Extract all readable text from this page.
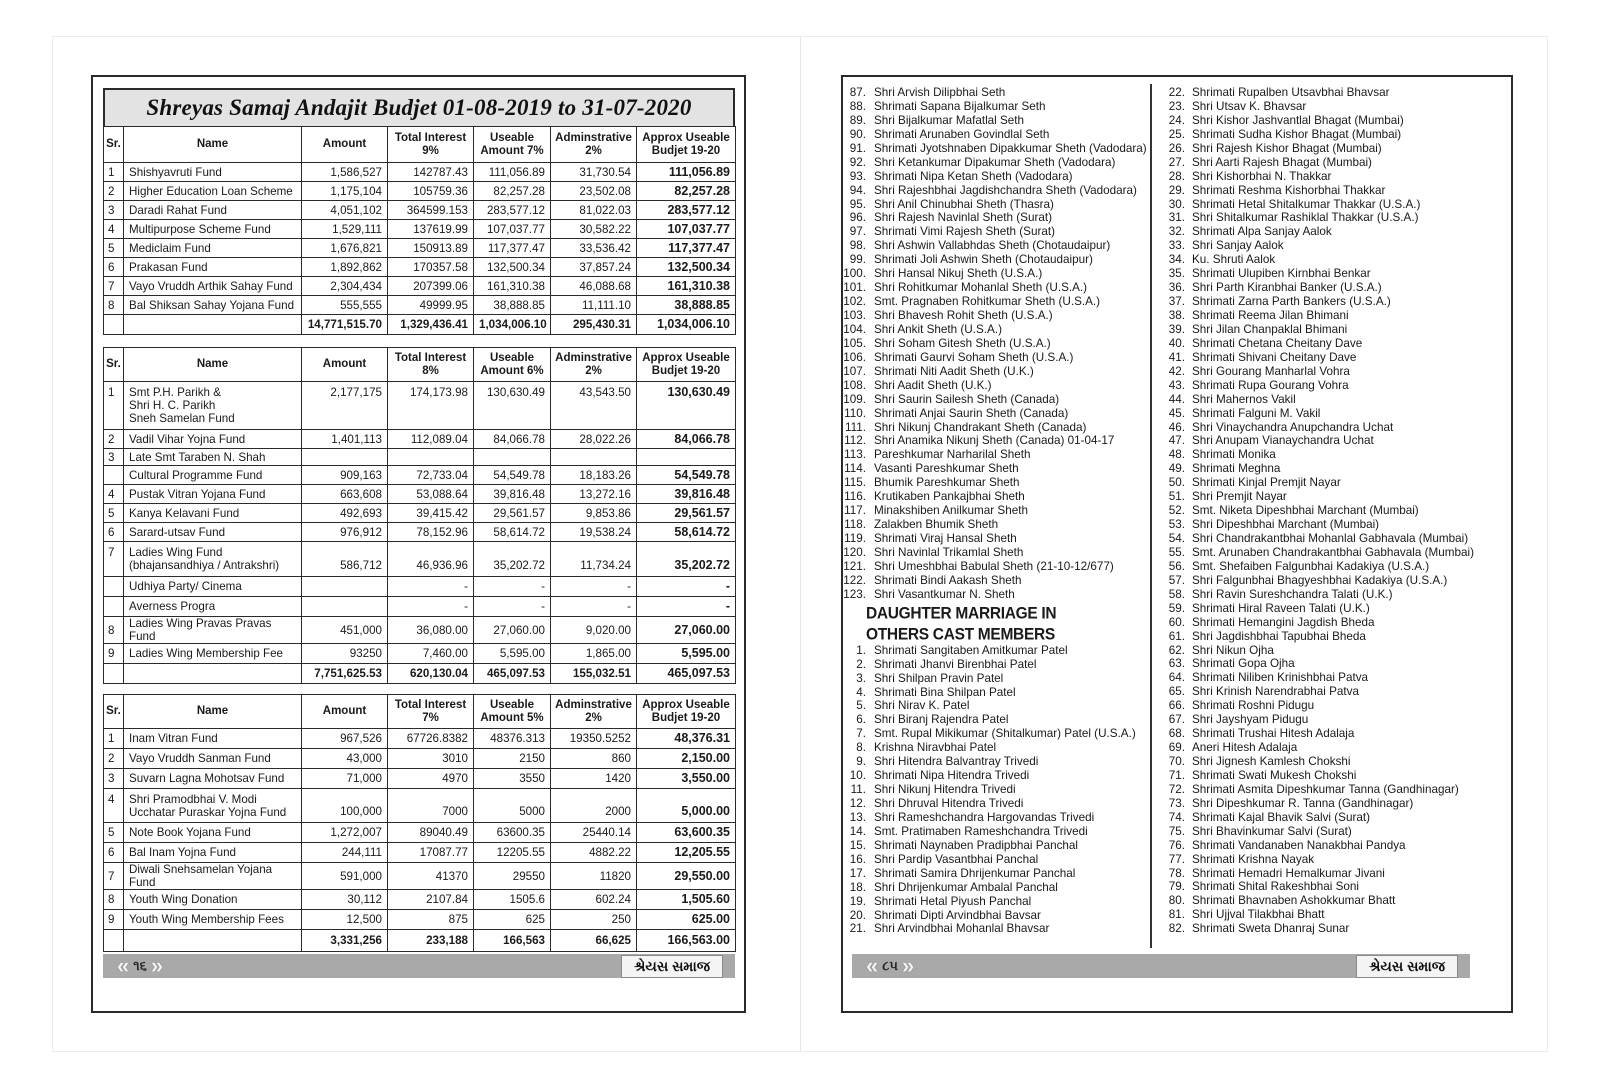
Shreyas Samaj Andajit Budjet 01-08-2019 to 31-07-2020
Sr.	Name	Amount	Total Interest 9%	Useable Amount 7%	Adminstrative 2%	Approx Useable Budjet 19-20
1	Shishyavruti Fund	1,586,527	142787.43	111,056.89	31,730.54	111,056.89
2	Higher Education Loan Scheme	1,175,104	105759.36	82,257.28	23,502.08	82,257.28
3	Daradi Rahat Fund	4,051,102	364599.153	283,577.12	81,022.03	283,577.12
4	Multipurpose Scheme Fund	1,529,111	137619.99	107,037.77	30,582.22	107,037.77
5	Mediclaim Fund	1,676,821	150913.89	117,377.47	33,536.42	117,377.47
6	Prakasan Fund	1,892,862	170357.58	132,500.34	37,857.24	132,500.34
7	Vayo Vruddh Arthik Sahay Fund	2,304,434	207399.06	161,310.38	46,088.68	161,310.38
8	Bal Shiksan Sahay Yojana Fund	555,555	49999.95	38,888.85	11,111.10	38,888.85
		14,771,515.70	1,329,436.41	1,034,006.10	295,430.31	1,034,006.10
Sr.	Name	Amount	Total Interest 8%	Useable Amount 6%	Adminstrative 2%	Approx Useable Budjet 19-20
1	Smt P.H. Parikh &
Shri H. C. Parikh
Sneh Samelan Fund	2,177,175	174,173.98	130,630.49	43,543.50	130,630.49
2	Vadil Vihar Yojna Fund	1,401,113	112,089.04	84,066.78	28,022.26	84,066.78
3	Late Smt Taraben N. Shah					
	Cultural Programme Fund	909,163	72,733.04	54,549.78	18,183.26	54,549.78
4	Pustak Vitran Yojana Fund	663,608	53,088.64	39,816.48	13,272.16	39,816.48
5	Kanya Kelavani Fund	492,693	39,415.42	29,561.57	9,853.86	29,561.57
6	Sarard-utsav Fund	976,912	78,152.96	58,614.72	19,538.24	58,614.72
7	Ladies Wing Fund
(bhajansandhiya / Antrakshri)	586,712	46,936.96	35,202.72	11,734.24	35,202.72
	Udhiya Party/ Cinema		-	-	-	-
	Averness Progra		-	-	-	-
8	Ladies Wing Pravas Pravas Fund	451,000	36,080.00	27,060.00	9,020.00	27,060.00
9	Ladies Wing Membership Fee	93250	7,460.00	5,595.00	1,865.00	5,595.00
		7,751,625.53	620,130.04	465,097.53	155,032.51	465,097.53
Sr.	Name	Amount	Total Interest 7%	Useable Amount 5%	Adminstrative 2%	Approx Useable Budjet 19-20
1	Inam Vitran Fund	967,526	67726.8382	48376.313	19350.5252	48,376.31
2	Vayo Vruddh Sanman Fund	43,000	3010	2150	860	2,150.00
3	Suvarn Lagna Mohotsav Fund	71,000	4970	3550	1420	3,550.00
4	Shri Pramodbhai V. Modi
Ucchatar Puraskar Yojna Fund	100,000	7000	5000	2000	5,000.00
5	Note Book Yojana Fund	1,272,007	89040.49	63600.35	25440.14	63,600.35
6	Bal Inam Yojna Fund	244,111	17087.77	12205.55	4882.22	12,205.55
7	Diwali Snehsamelan Yojana Fund	591,000	41370	29550	11820	29,550.00
8	Youth Wing Donation	30,112	2107.84	1505.6	602.24	1,505.60
9	Youth Wing Membership Fees	12,500	875	625	250	625.00
		3,331,256	233,188	166,563	66,625	166,563.00
« ૧૬ »	શ્રેયસ સમાજ
87. Shri Arvish Dilipbhai Seth
88. Shrimati Sapana Bijalkumar Seth
89. Shri Bijalkumar Mafatlal Seth
90. Shrimati Arunaben Govindlal Seth
91. Shrimati Jyotshnaben Dipakkumar Sheth (Vadodara)
92. Shri Ketankumar Dipakumar Sheth (Vadodara)
93. Shrimati Nipa Ketan Sheth (Vadodara)
94. Shri Rajeshbhai Jagdishchandra Sheth (Vadodara)
95. Shri Anil Chinubhai Sheth (Thasra)
96. Shri Rajesh Navinlal Sheth (Surat)
97. Shrimati Vimi Rajesh Sheth (Surat)
98. Shri Ashwin Vallabhdas Sheth (Chotaudaipur)
99. Shrimati Joli Ashwin Sheth (Chotaudaipur)
100. Shri Hansal Nikuj Sheth (U.S.A.)
101. Shri Rohitkumar Mohanlal Sheth (U.S.A.)
102. Smt. Pragnaben Rohitkumar Sheth (U.S.A.)
103. Shri Bhavesh Rohit Sheth (U.S.A.)
104. Shri Ankit Sheth (U.S.A.)
105. Shri Soham Gitesh Sheth (U.S.A.)
106. Shrimati Gaurvi Soham Sheth (U.S.A.)
107. Shrimati Niti Aadit Sheth (U.K.)
108. Shri Aadit Sheth (U.K.)
109. Shri Saurin Sailesh Sheth (Canada)
110. Shrimati Anjai Saurin Sheth (Canada)
111. Shri Nikunj Chandrakant Sheth (Canada)
112. Shri Anamika Nikunj Sheth (Canada) 01-04-17
113. Pareshkumar Narharilal Sheth
114. Vasanti Pareshkumar Sheth
115. Bhumik Pareshkumar Sheth
116. Krutikaben Pankajbhai Sheth
117. Minakshiben Anilkumar Sheth
118. Zalakben Bhumik Sheth
119. Shrimati Viraj Hansal Sheth
120. Shri Navinlal Trikamlal Sheth
121. Shri Umeshbhai Babulal Sheth (21-10-12/677)
122. Shrimati Bindi Aakash Sheth
123. Shri Vasantkumar N. Sheth
DAUGHTER MARRIAGE IN
OTHERS CAST MEMBERS
1. Shrimati Sangitaben Amitkumar Patel
2. Shrimati Jhanvi Birenbhai Patel
3. Shri Shilpan Pravin Patel
4. Shrimati Bina Shilpan Patel
5. Shri Nirav K. Patel
6. Shri Biranj Rajendra Patel
7. Smt. Rupal Mikikumar (Shitalkumar) Patel (U.S.A.)
8. Krishna Niravbhai Patel
9. Shri Hitendra Balvantray Trivedi
10. Shrimati Nipa Hitendra Trivedi
11. Shri Nikunj Hitendra Trivedi
12. Shri Dhruval Hitendra Trivedi
13. Shri Rameshchandra Hargovandas Trivedi
14. Smt. Pratimaben Rameshchandra Trivedi
15. Shrimati Naynaben Pradipbhai Panchal
16. Shri Pardip Vasantbhai Panchal
17. Shrimati Samira Dhrijenkumar Panchal
18. Shri Dhrijenkumar Ambalal Panchal
19. Shrimati Hetal Piyush Panchal
20. Shrimati Dipti Arvindbhai Bavsar
21. Shri Arvindbhai Mohanlal Bhavsar
22. Shrimati Rupalben Utsavbhai Bhavsar
23. Shri Utsav K. Bhavsar
24. Shri Kishor Jashvantlal Bhagat (Mumbai)
25. Shrimati Sudha Kishor Bhagat (Mumbai)
26. Shri Rajesh Kishor Bhagat (Mumbai)
27. Shri Aarti Rajesh Bhagat (Mumbai)
28. Shri Kishorbhai N. Thakkar
29. Shrimati Reshma Kishorbhai Thakkar
30. Shrimati Hetal Shitalkumar Thakkar (U.S.A.)
31. Shri Shitalkumar Rashiklal Thakkar (U.S.A.)
32. Shrimati Alpa Sanjay Aalok
33. Shri Sanjay Aalok
34. Ku. Shruti Aalok
35. Shrimati Ulupiben Kirnbhai Benkar
36. Shri Parth Kiranbhai Banker (U.S.A.)
37. Shrimati Zarna Parth Bankers (U.S.A.)
38. Shrimati Reema Jilan Bhimani
39. Shri Jilan Chanpaklal Bhimani
40. Shrimati Chetana Cheitany Dave
41. Shrimati Shivani Cheitany Dave
42. Shri Gourang Manharlal Vohra
43. Shrimati Rupa Gourang Vohra
44. Shri Mahernos Vakil
45. Shrimati Falguni M. Vakil
46. Shri Vinaychandra Anupchandra Uchat
47. Shri Anupam Vianaychandra Uchat
48. Shrimati Monika
49. Shrimati Meghna
50. Shrimati Kinjal Premjit Nayar
51. Shri Premjit Nayar
52. Smt. Niketa Dipeshbhai Marchant (Mumbai)
53. Shri Dipeshbhai Marchant (Mumbai)
54. Shri Chandrakantbhai Mohanlal Gabhavala (Mumbai)
55. Smt. Arunaben Chandrakantbhai Gabhavala (Mumbai)
56. Smt. Shefaiben Falgunbhai Kadakiya (U.S.A.)
57. Shri Falgunbhai Bhagyeshbhai Kadakiya (U.S.A.)
58. Shri Ravin Sureshchandra Talati (U.K.)
59. Shrimati Hiral Raveen Talati (U.K.)
60. Shrimati Hemangini Jagdish Bheda
61. Shri Jagdishbhai Tapubhai Bheda
62. Shri Nikun Ojha
63. Shrimati Gopa Ojha
64. Shrimati Niliben Krinishbhai Patva
65. Shri Krinish Narendrabhai Patva
66. Shrimati Roshni Pidugu
67. Shri Jayshyam Pidugu
68. Shrimati Trushai Hitesh Adalaja
69. Aneri Hitesh Adalaja
70. Shri Jignesh Kamlesh Chokshi
71. Shrimati Swati Mukesh Chokshi
72. Shrimati Asmita Dipeshkumar Tanna (Gandhinagar)
73. Shri Dipeshkumar R. Tanna (Gandhinagar)
74. Shrimati Kajal Bhavik Salvi (Surat)
75. Shri Bhavinkumar Salvi (Surat)
76. Shrimati Vandanaben Nanakbhai Pandya
77. Shrimati Krishna Nayak
78. Shrimati Hemadri Hemalkumar Jivani
79. Shrimati Shital Rakeshbhai Soni
80. Shrimati Bhavnaben Ashokkumar Bhatt
81. Shri Ujjval Tilakbhai Bhatt
82. Shrimati Sweta Dhanraj Sunar
« ૮૫ »	શ્રેયસ સમાજ
